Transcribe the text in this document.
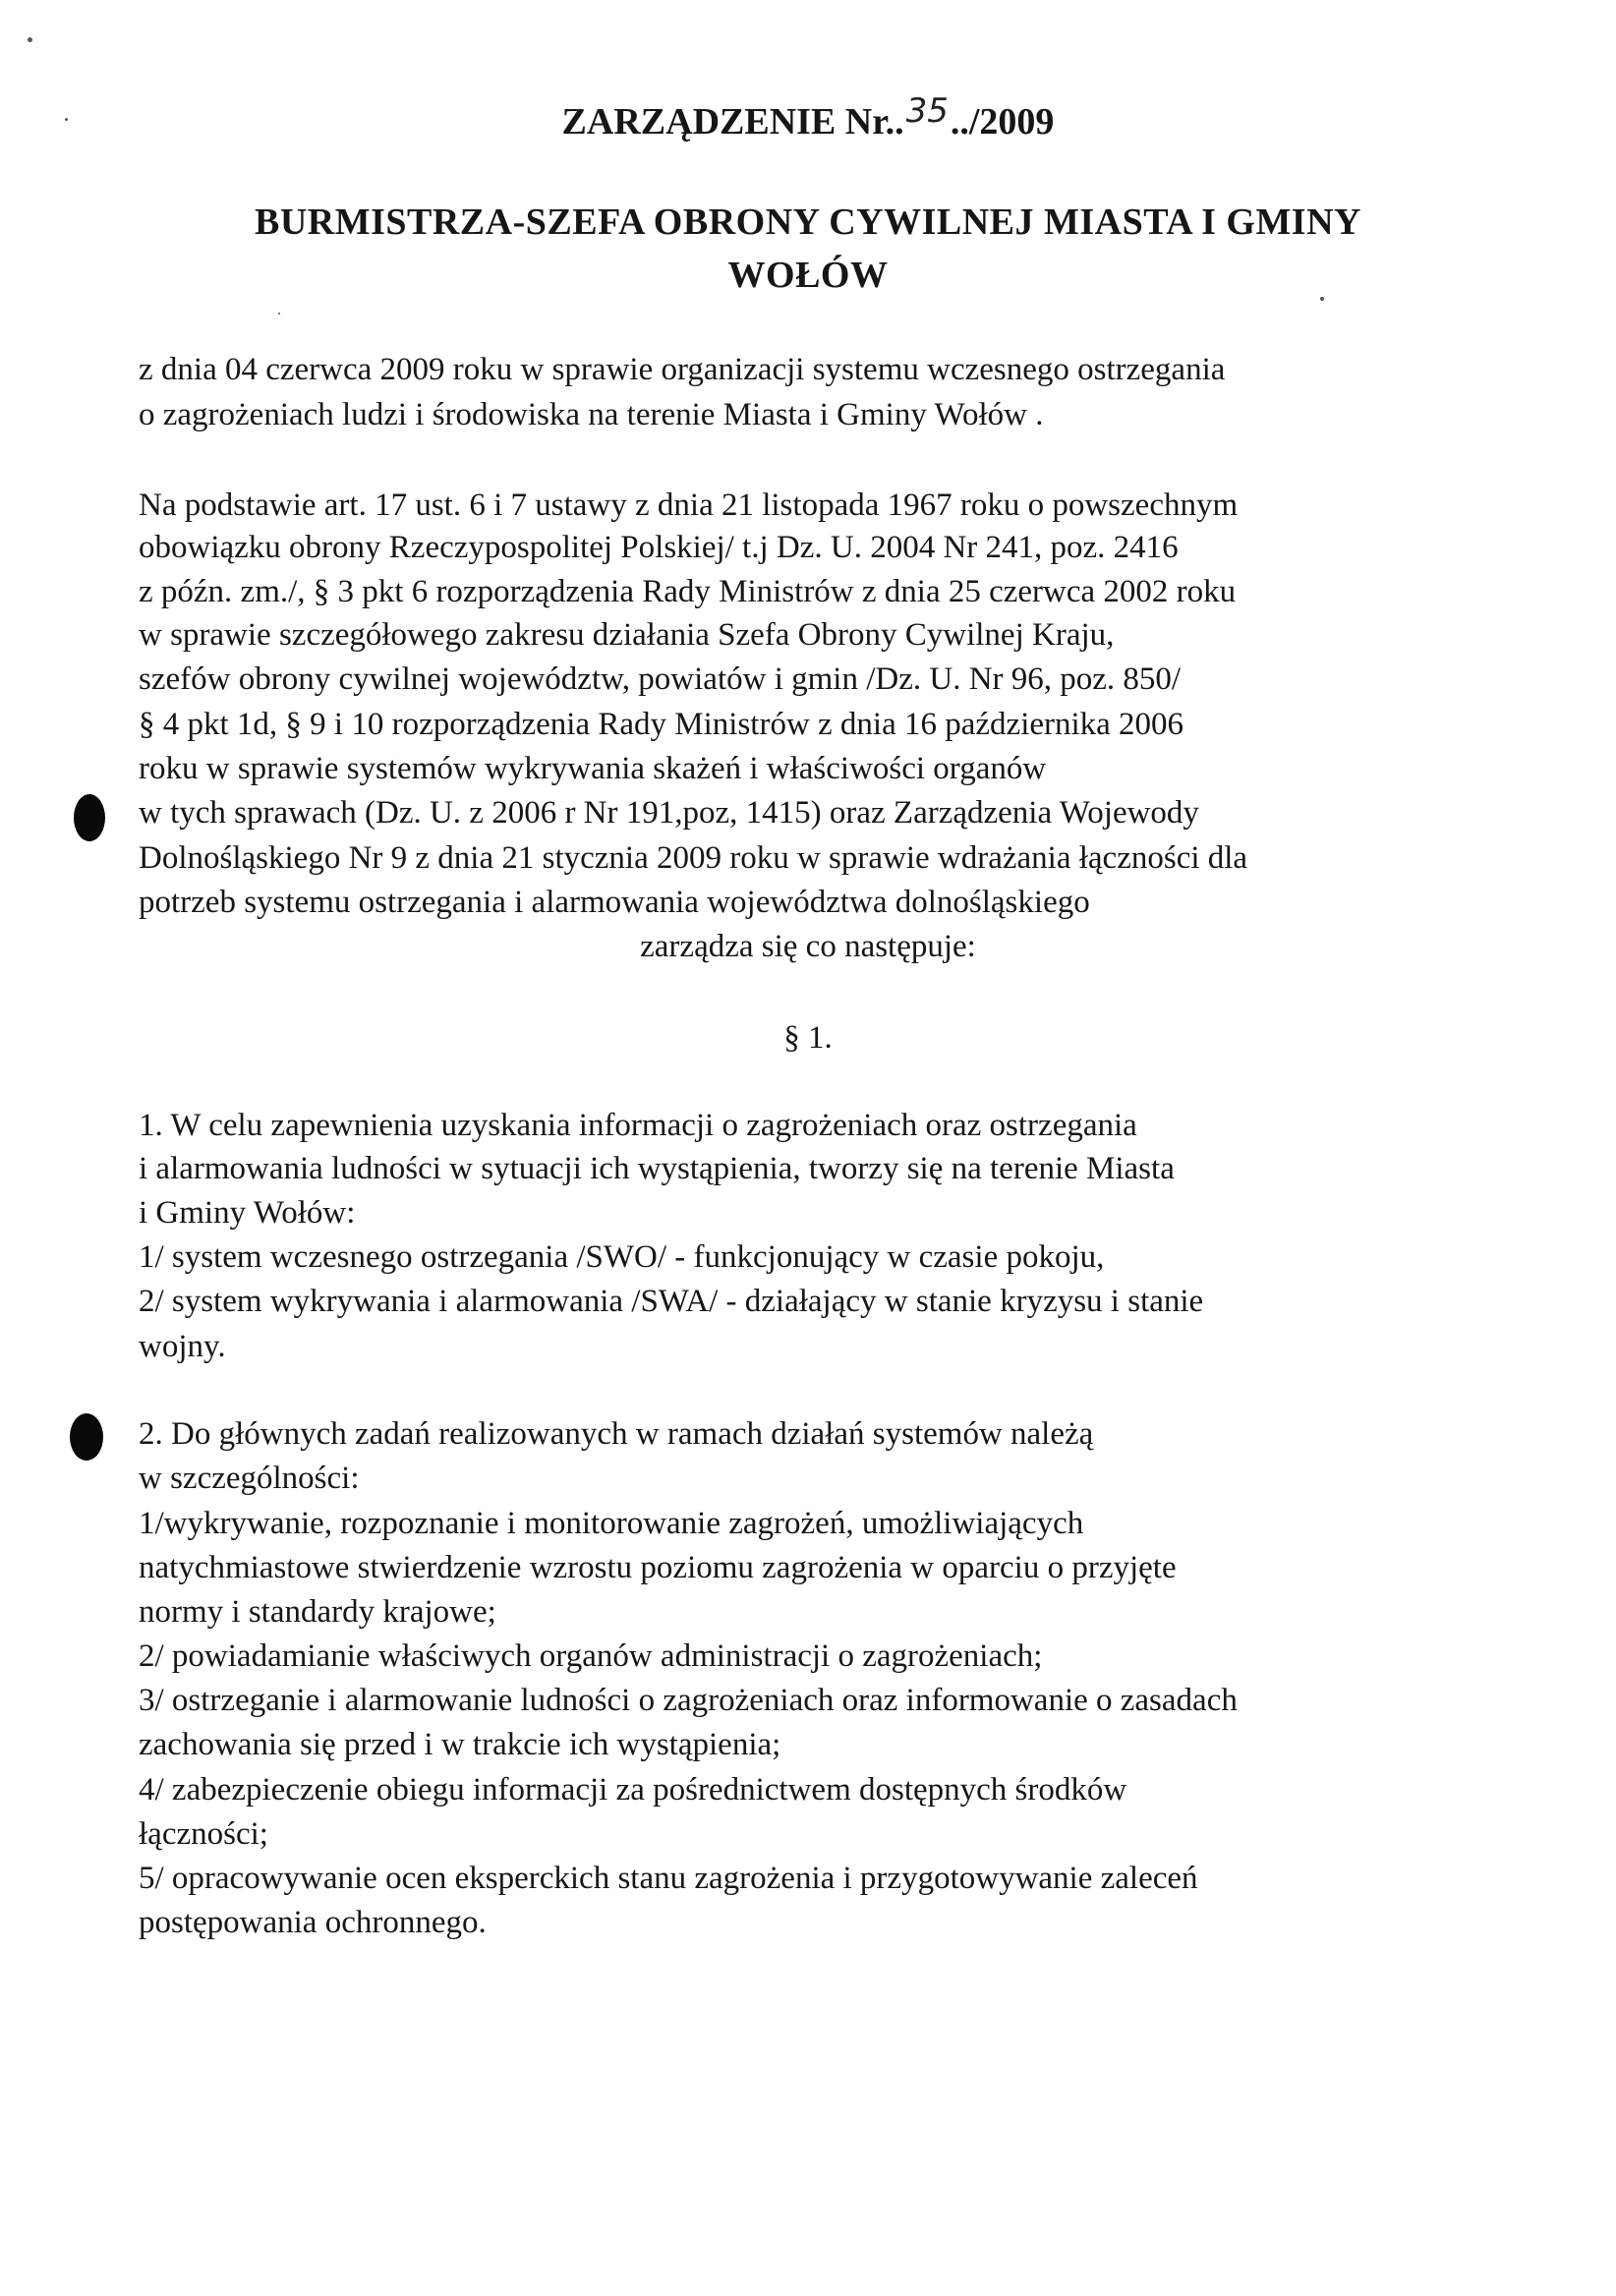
ZARZĄDZENIE Nr..35../2009
BURMISTRZA-SZEFA OBRONY CYWILNEJ MIASTA I GMINY
WOŁÓW
z dnia 04 czerwca 2009 roku w sprawie organizacji systemu wczesnego ostrzegania
o zagrożeniach ludzi i środowiska na terenie Miasta i Gminy Wołów .
Na podstawie art. 17 ust. 6 i 7 ustawy z dnia 21 listopada 1967 roku o powszechnym
obowiązku obrony Rzeczypospolitej Polskiej/ t.j Dz. U. 2004 Nr 241, poz. 2416
z późn. zm./, § 3 pkt 6 rozporządzenia Rady Ministrów z dnia 25 czerwca 2002 roku
w sprawie szczegółowego zakresu działania Szefa Obrony Cywilnej Kraju,
szefów obrony cywilnej województw, powiatów i gmin /Dz. U. Nr 96, poz. 850/
§ 4 pkt 1d, § 9 i 10 rozporządzenia Rady Ministrów z dnia 16 października 2006
roku w sprawie systemów wykrywania skażeń i właściwości organów
w tych sprawach (Dz. U. z 2006 r Nr 191,poz, 1415) oraz Zarządzenia Wojewody
Dolnośląskiego Nr 9 z dnia 21 stycznia 2009 roku w sprawie wdrażania łączności dla
potrzeb systemu ostrzegania i alarmowania województwa dolnośląskiego
zarządza się co następuje:
§ 1.
1. W celu zapewnienia uzyskania informacji o zagrożeniach oraz ostrzegania
i alarmowania ludności w sytuacji ich wystąpienia, tworzy się na terenie Miasta
i Gminy Wołów:
1/ system wczesnego ostrzegania /SWO/ - funkcjonujący w czasie pokoju,
2/ system wykrywania i alarmowania /SWA/ - działający w stanie kryzysu i stanie
wojny.
2. Do głównych zadań realizowanych w ramach działań systemów należą
w szczególności:
1/wykrywanie, rozpoznanie i monitorowanie zagrożeń, umożliwiających
natychmiastowe stwierdzenie wzrostu poziomu zagrożenia w oparciu o przyjęte
normy i standardy krajowe;
2/ powiadamianie właściwych organów administracji o zagrożeniach;
3/ ostrzeganie i alarmowanie ludności o zagrożeniach oraz informowanie o zasadach
zachowania się przed i w trakcie ich wystąpienia;
4/ zabezpieczenie obiegu informacji za pośrednictwem dostępnych środków
łączności;
5/ opracowywanie ocen eksperckich stanu zagrożenia i przygotowywanie zaleceń
postępowania ochronnego.
